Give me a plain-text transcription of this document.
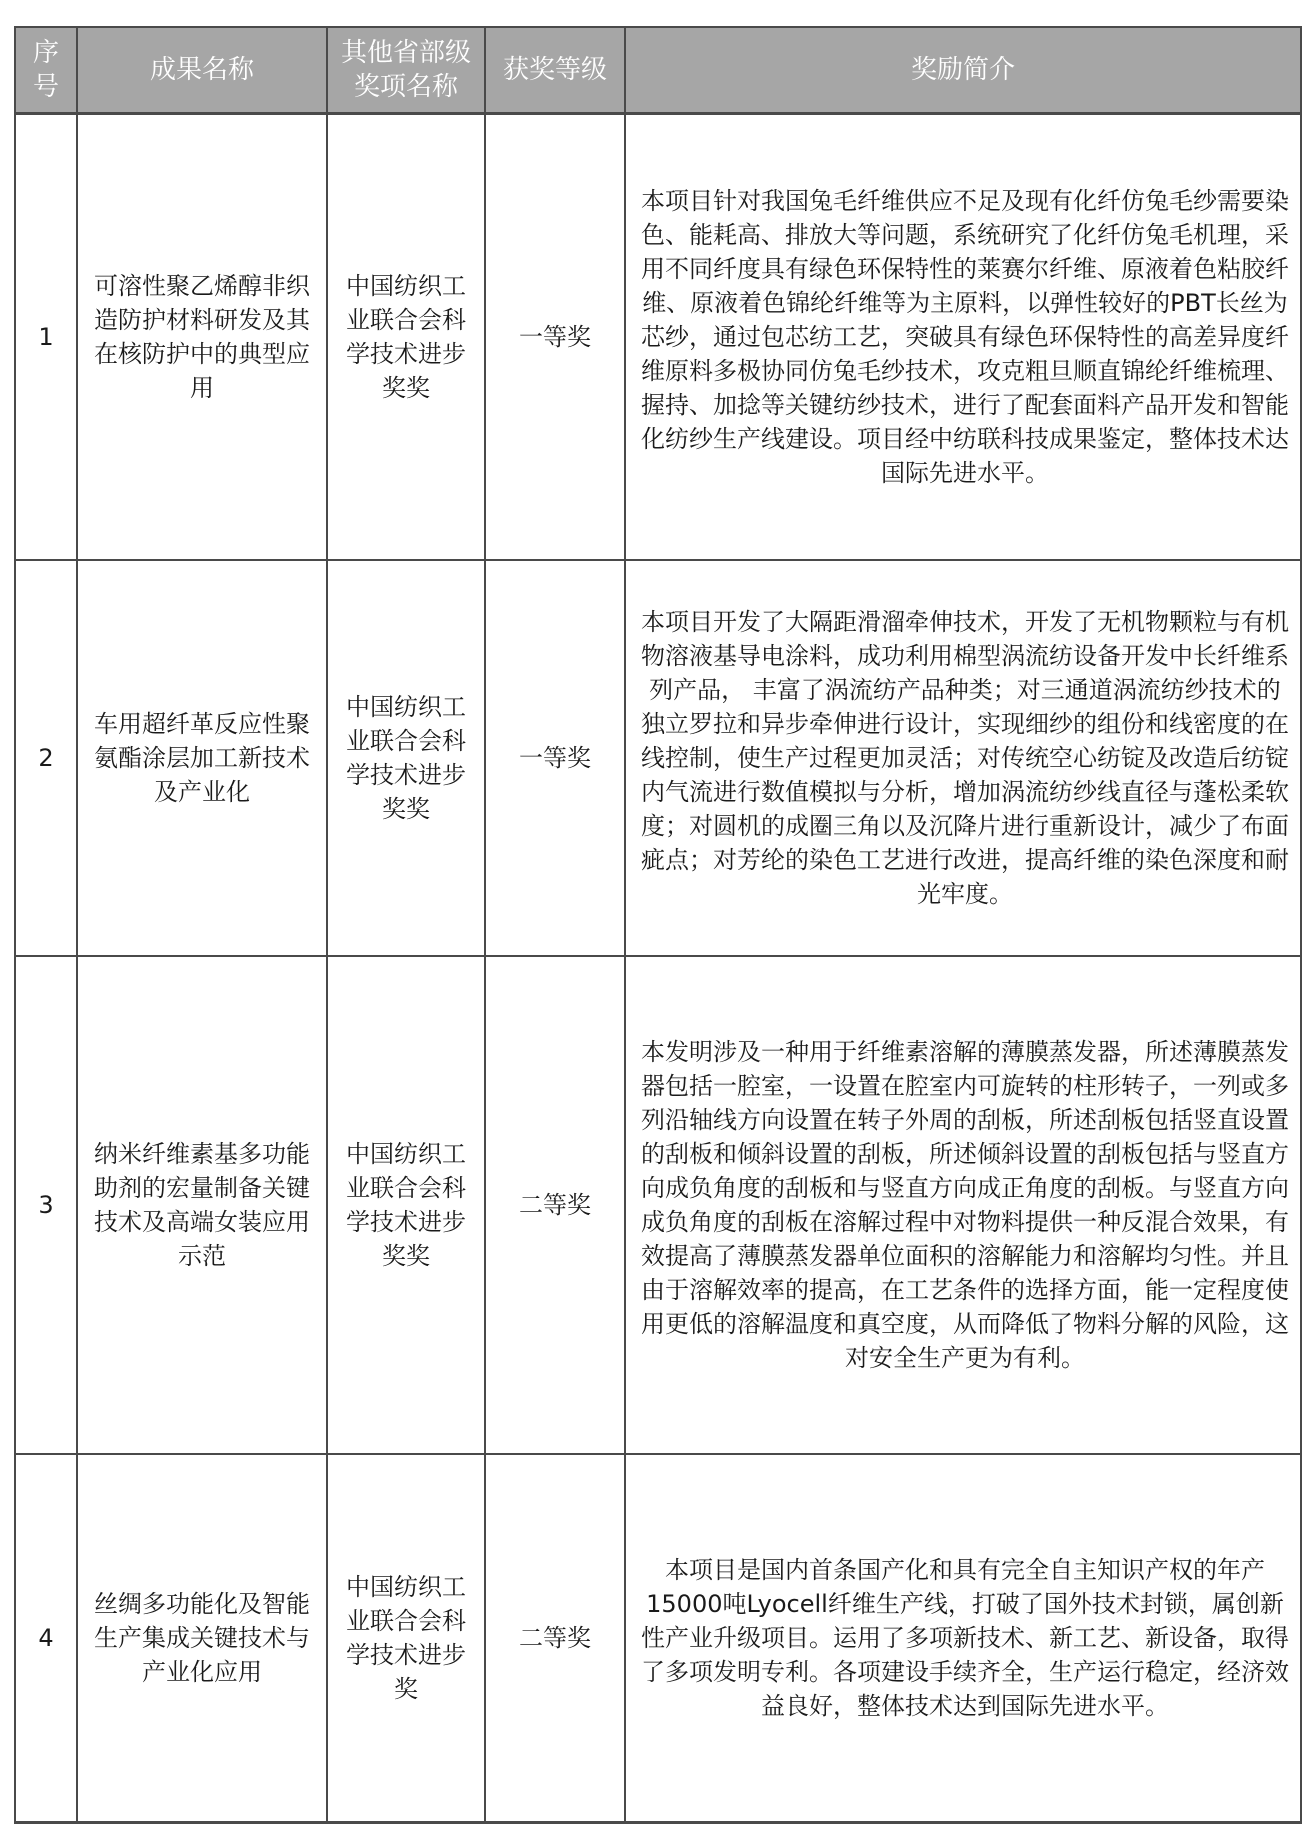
序号	成果名称	其他省部级奖项名称	获奖等级	奖励简介
1	可溶性聚乙烯醇非织造防护材料研发及其在核防护中的典型应用	中国纺织工业联合会科学技术进步奖奖	一等奖	本项目针对我国兔毛纤维供应不足及现有化纤仿兔毛纱需要染色、能耗高、排放大等问题，系统研究了化纤仿兔毛机理，采用不同纤度具有绿色环保特性的莱赛尔纤维、原液着色粘胶纤维、原液着色锦纶纤维等为主原料，以弹性较好的PBT长丝为芯纱，通过包芯纺工艺，突破具有绿色环保特性的高差异度纤维原料多极协同仿兔毛纱技术，攻克粗旦顺直锦纶纤维梳理、握持、加捻等关键纺纱技术，进行了配套面料产品开发和智能化纺纱生产线建设。项目经中纺联科技成果鉴定，整体技术达国际先进水平。
2	车用超纤革反应性聚氨酯涂层加工新技术及产业化	中国纺织工业联合会科学技术进步奖奖	一等奖	本项目开发了大隔距滑溜牵伸技术，开发了无机物颗粒与有机物溶液基导电涂料，成功利用棉型涡流纺设备开发中长纤维系列产品， 丰富了涡流纺产品种类；对三通道涡流纺纱技术的独立罗拉和异步牵伸进行设计，实现细纱的组份和线密度的在线控制，使生产过程更加灵活；对传统空心纺锭及改造后纺锭内气流进行数值模拟与分析，增加涡流纺纱线直径与蓬松柔软度；对圆机的成圈三角以及沉降片进行重新设计，减少了布面疵点；对芳纶的染色工艺进行改进，提高纤维的染色深度和耐光牢度。
3	纳米纤维素基多功能助剂的宏量制备关键技术及高端女装应用示范	中国纺织工业联合会科学技术进步奖奖	二等奖	本发明涉及一种用于纤维素溶解的薄膜蒸发器，所述薄膜蒸发器包括一腔室，一设置在腔室内可旋转的柱形转子，一列或多列沿轴线方向设置在转子外周的刮板，所述刮板包括竖直设置的刮板和倾斜设置的刮板，所述倾斜设置的刮板包括与竖直方向成负角度的刮板和与竖直方向成正角度的刮板。与竖直方向成负角度的刮板在溶解过程中对物料提供一种反混合效果，有效提高了薄膜蒸发器单位面积的溶解能力和溶解均匀性。并且由于溶解效率的提高，在工艺条件的选择方面，能一定程度使用更低的溶解温度和真空度，从而降低了物料分解的风险，这对安全生产更为有利。
4	丝绸多功能化及智能生产集成关键技术与产业化应用	中国纺织工业联合会科学技术进步奖	二等奖	本项目是国内首条国产化和具有完全自主知识产权的年产15000吨Lyocell纤维生产线，打破了国外技术封锁，属创新性产业升级项目。运用了多项新技术、新工艺、新设备，取得了多项发明专利。各项建设手续齐全，生产运行稳定，经济效益良好，整体技术达到国际先进水平。
